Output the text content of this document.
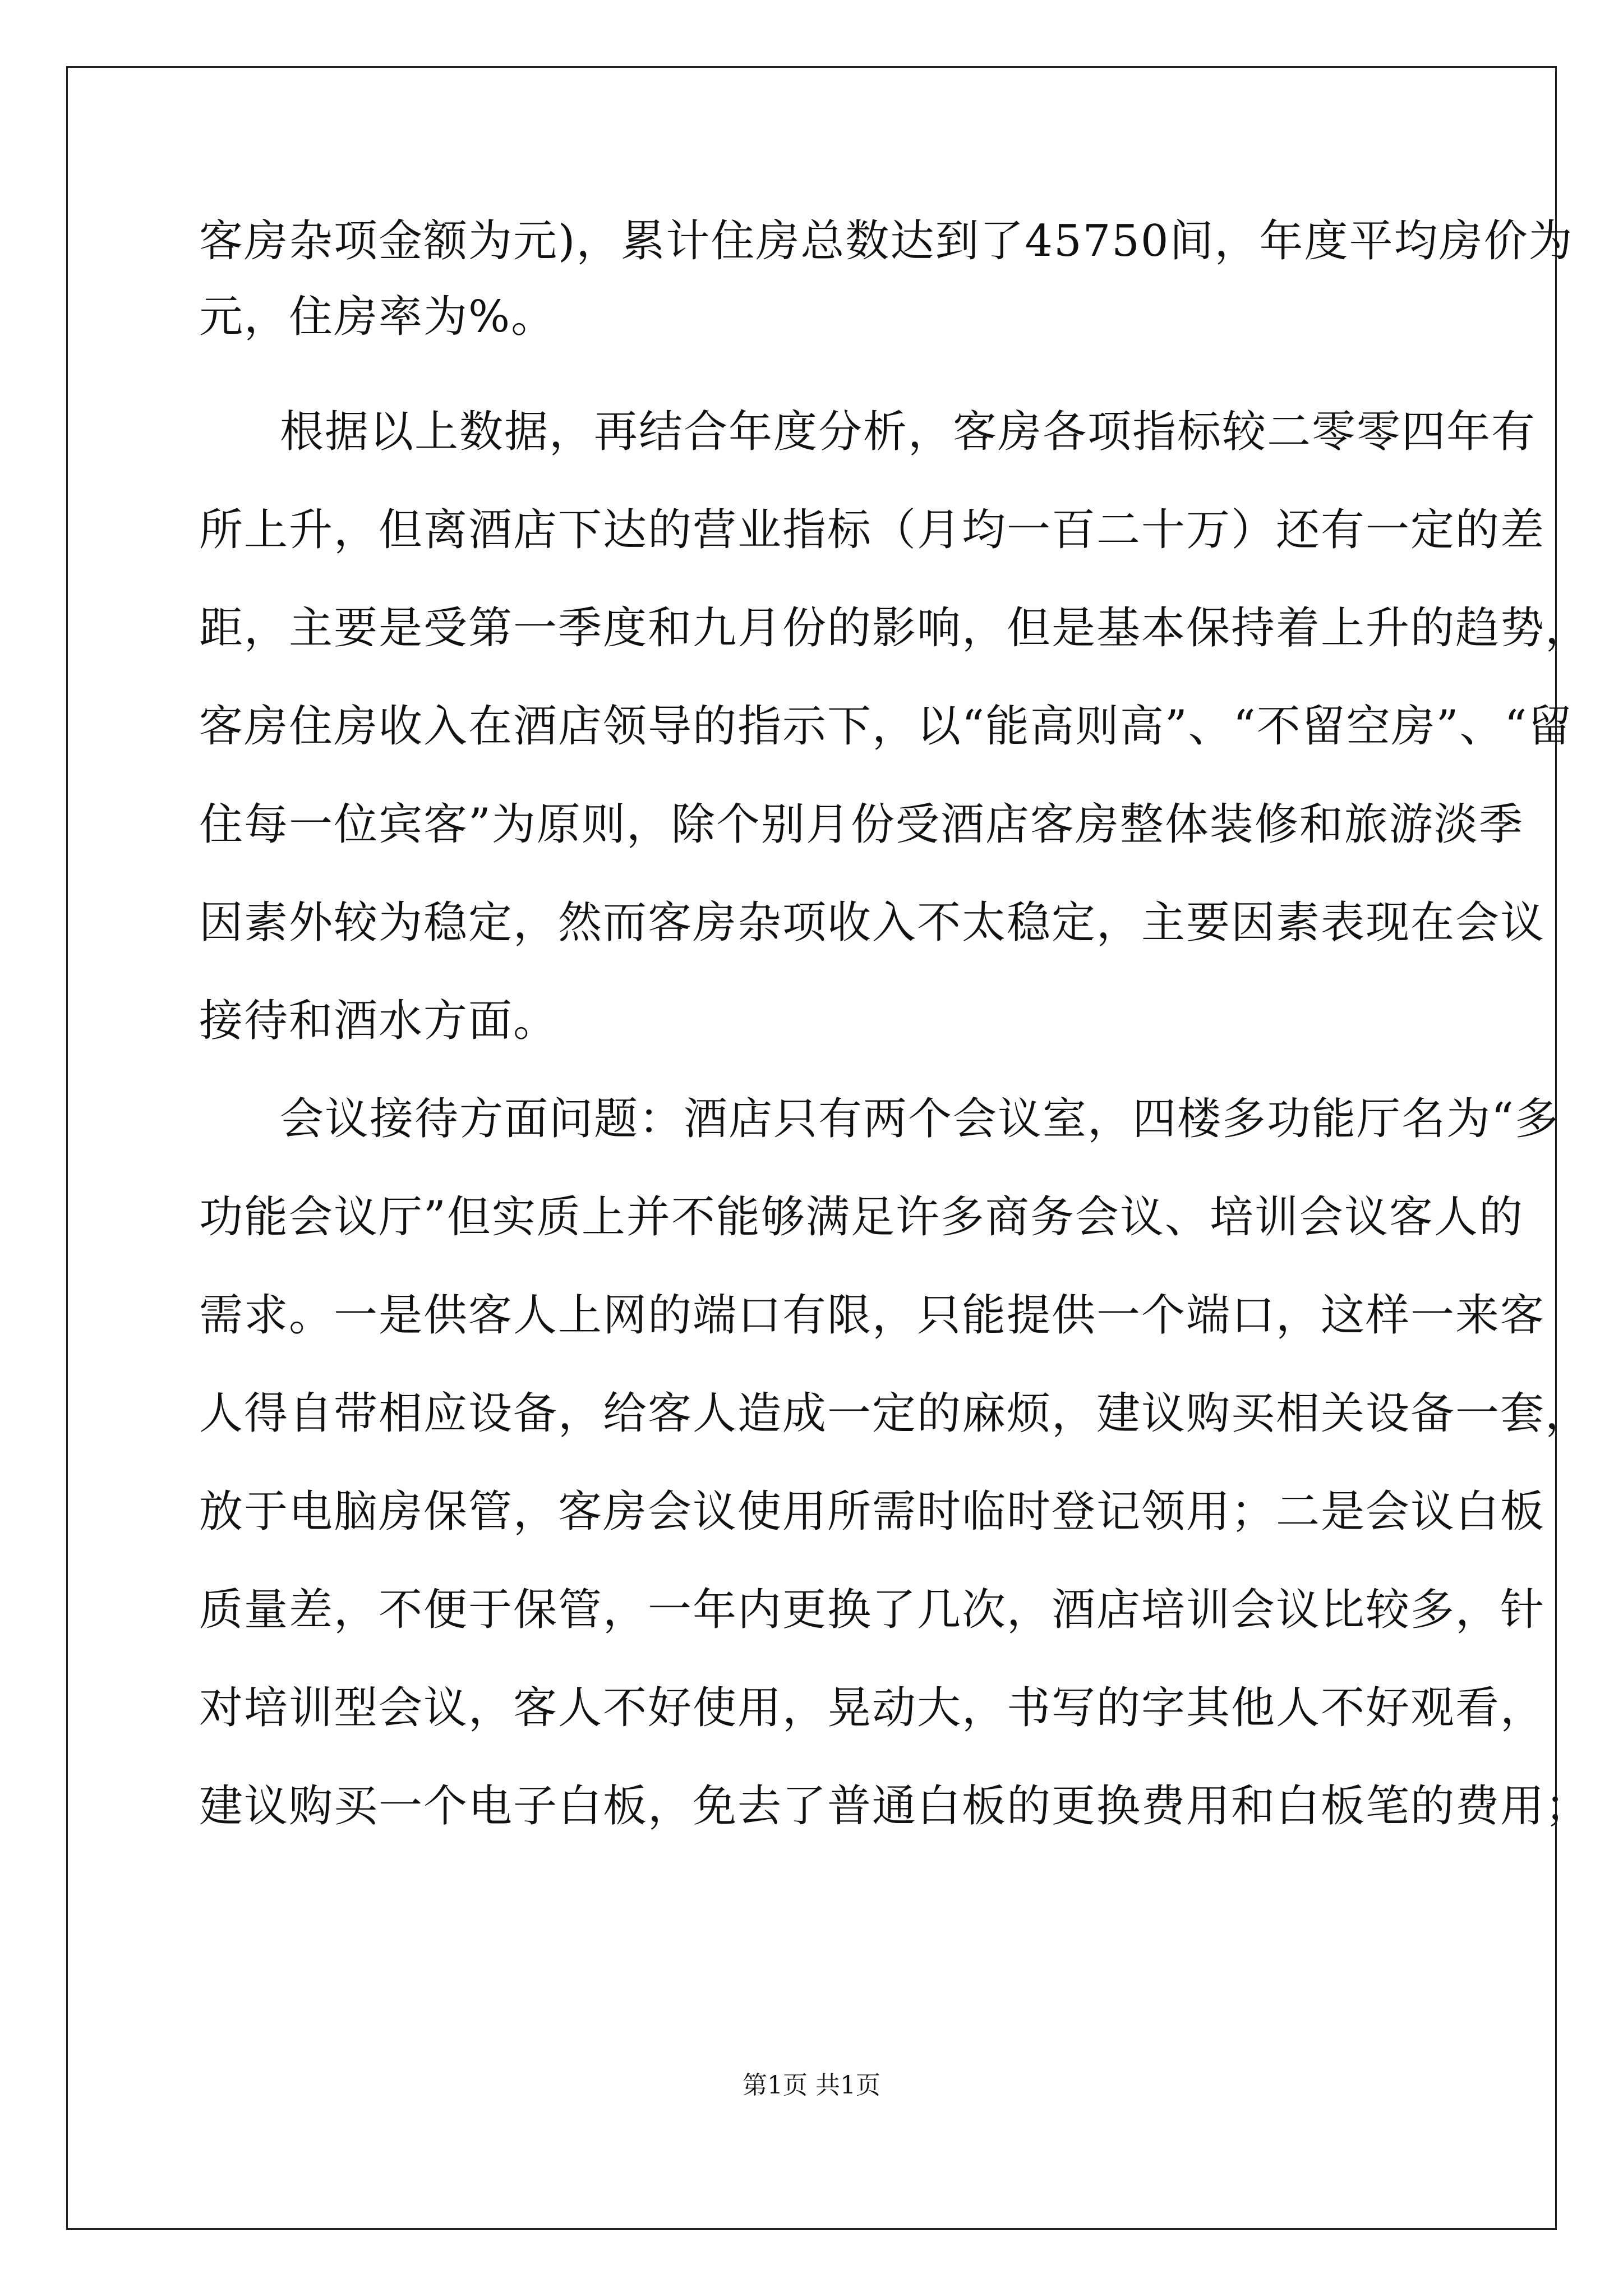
客房杂项金额为元)，累计住房总数达到了45750间，年度平均房价为
元，住房率为%。
根据以上数据，再结合年度分析，客房各项指标较二零零四年有
所上升，但离酒店下达的营业指标（月均一百二十万）还有一定的差
距，主要是受第一季度和九月份的影响，但是基本保持着上升的趋势，
客房住房收入在酒店领导的指示下，以“能高则高”、“不留空房”、“留
住每一位宾客”为原则，除个别月份受酒店客房整体装修和旅游淡季
因素外较为稳定，然而客房杂项收入不太稳定，主要因素表现在会议
接待和酒水方面。
会议接待方面问题：酒店只有两个会议室，四楼多功能厅名为“多
功能会议厅”但实质上并不能够满足许多商务会议、培训会议客人的
需求。一是供客人上网的端口有限，只能提供一个端口，这样一来客
人得自带相应设备，给客人造成一定的麻烦，建议购买相关设备一套，
放于电脑房保管，客房会议使用所需时临时登记领用；二是会议白板
质量差，不便于保管，一年内更换了几次，酒店培训会议比较多，针
对培训型会议，客人不好使用，晃动大，书写的字其他人不好观看，
建议购买一个电子白板，免去了普通白板的更换费用和白板笔的费用；
第1页 共1页
